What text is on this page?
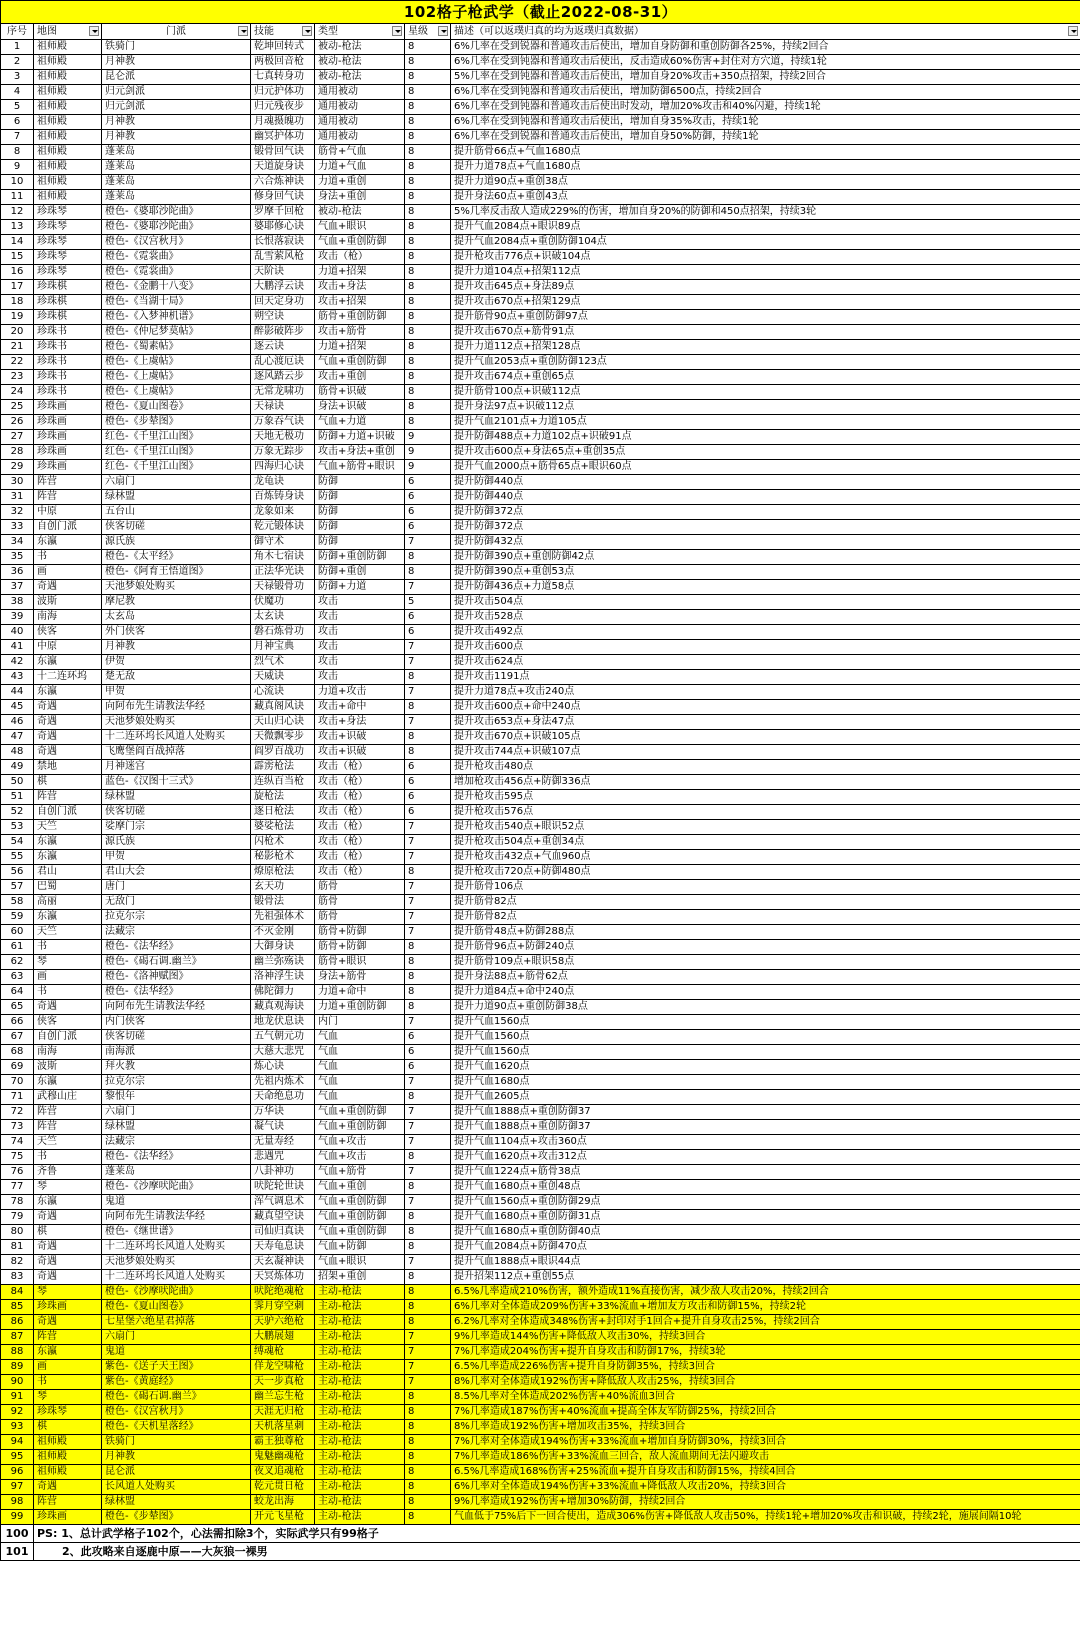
102格子枪武学（截止2022-08-31）						
序号	地图	门派	技能	类型	星级	描述（可以返璞归真的均为返璞归真数据）

1	祖师殿	铁骑门	乾坤回转式	被动-枪法	8	6%几率在受到锐器和普通攻击后使出，增加自身防御和重创防御各25%，持续2回合
2	祖师殿	月神教	两极回音枪	被动-枪法	8	6%几率在受到钝器和普通攻击后使出，反击造成60%伤害+封住对方穴道，持续1轮
3	祖师殿	昆仑派	七真转身功	被动-枪法	8	5%几率在受到钝器和普通攻击后使出，增加自身20%攻击+350点招架，持续2回合
4	祖师殿	归元剑派	归元护体功	通用被动	8	6%几率在受到钝器和普通攻击后使出，增加防御6500点，持续2回合
5	祖师殿	归元剑派	归元残夜步	通用被动	8	6%几率在受到钝器和普通攻击后使出时发动，增加20%攻击和40%闪避，持续1轮
6	祖师殿	月神教	月魂摄魄功	通用被动	8	6%几率在受到钝器和普通攻击后使出，增加自身35%攻击，持续1轮
7	祖师殿	月神教	幽冥护体功	通用被动	8	6%几率在受到锐器和普通攻击后使出，增加自身50%防御，持续1轮
8	祖师殿	蓬莱岛	锻骨回气诀	筋骨+气血	8	提升筋骨66点+气血1680点
9	祖师殿	蓬莱岛	天道旋身诀	力道+气血	8	提升力道78点+气血1680点
10	祖师殿	蓬莱岛	六合炼神诀	力道+重创	8	提升力道90点+重创38点
11	祖师殿	蓬莱岛	修身回气诀	身法+重创	8	提升身法60点+重创43点
12	珍珠琴	橙色-《婆耶沙陀曲》	罗摩千回枪	被动-枪法	8	5%几率反击敌人造成229%的伤害，增加自身20%的防御和450点招架，持续3轮
13	珍珠琴	橙色-《婆耶沙陀曲》	婆耶修心诀	气血+眼识	8	提升气血2084点+眼识89点
14	珍珠琴	橙色-《汉宫秋月》	长恨落寂诀	气血+重创防御	8	提升气血2084点+重创防御104点
15	珍珠琴	橙色-《霓裳曲》	乱雪萦风枪	攻击（枪）	8	提升枪攻击776点+识破104点
16	珍珠琴	橙色-《霓裳曲》	天阶诀	力道+招架	8	提升力道104点+招架112点
17	珍珠棋	橙色-《金鹏十八变》	大鹏浮云诀	攻击+身法	8	提升攻击645点+身法89点
18	珍珠棋	橙色-《当湖十局》	回天定身功	攻击+招架	8	提升攻击670点+招架129点
19	珍珠棋	橙色-《入梦神机谱》	朔空诀	筋骨+重创防御	8	提升筋骨90点+重创防御97点
20	珍珠书	橙色-《仲尼梦莫帖》	醉影破阵步	攻击+筋骨	8	提升攻击670点+筋骨91点
21	珍珠书	橙色-《蜀素帖》	逐云诀	力道+招架	8	提升力道112点+招架128点
22	珍珠书	橙色-《上虞帖》	乱心渡厄诀	气血+重创防御	8	提升气血2053点+重创防御123点
23	珍珠书	橙色-《上虞帖》	逐风踏云步	攻击+重创	8	提升攻击674点+重创65点
24	珍珠书	橙色-《上虞帖》	无常龙啸功	筋骨+识破	8	提升筋骨100点+识破112点
25	珍珠画	橙色-《夏山图卷》	天禄诀	身法+识破	8	提升身法97点+识破112点
26	珍珠画	橙色-《步辇图》	万象吞气诀	气血+力道	8	提升气血2101点+力道105点
27	珍珠画	红色-《千里江山图》	天地无极功	防御+力道+识破	9	提升防御488点+力道102点+识破91点
28	珍珠画	红色-《千里江山图》	万象无踪步	攻击+身法+重创	9	提升攻击600点+身法65点+重创35点
29	珍珠画	红色-《千里江山图》	四海归心诀	气血+筋骨+眼识	9	提升气血2000点+筋骨65点+眼识60点
30	阵营	六扇门	龙龟诀	防御	6	提升防御440点
31	阵营	绿林盟	百炼铸身诀	防御	6	提升防御440点
32	中原	五台山	龙象如来	防御	6	提升防御372点
33	自创门派	侠客切磋	乾元锻体诀	防御	6	提升防御372点
34	东瀛	源氏族	御守术	防御	7	提升防御432点
35	书	橙色-《太平经》	角木七宿诀	防御+重创防御	8	提升防御390点+重创防御42点
36	画	橙色-《阿育王悟道图》	正法华光诀	防御+重创	8	提升防御390点+重创53点
37	奇遇	天池梦娘处购买	天禄锻骨功	防御+力道	7	提升防御436点+力道58点
38	波斯	摩尼教	伏魔功	攻击	5	提升攻击504点
39	南海	太玄岛	太玄诀	攻击	6	提升攻击528点
40	侠客	外门侠客	磐石炼骨功	攻击	6	提升攻击492点
41	中原	月神教	月神宝典	攻击	7	提升攻击600点
42	东瀛	伊贺	烈气术	攻击	7	提升攻击624点
43	十二连环坞	楚无敌	天威诀	攻击	8	提升攻击1191点
44	东瀛	甲贺	心流诀	力道+攻击	7	提升力道78点+攻击240点
45	奇遇	向阿布先生请教法华经	藏真阁风诀	攻击+命中	8	提升攻击600点+命中240点
46	奇遇	天池梦娘处购买	天山归心诀	攻击+身法	7	提升攻击653点+身法47点
47	奇遇	十二连环坞长风道人处购买	天微飘零步	攻击+识破	8	提升攻击670点+识破105点
48	奇遇	飞鹰堡阎百战掉落	阎罗百战功	攻击+识破	8	提升攻击744点+识破107点
49	禁地	月神迷宫	霹雳枪法	攻击（枪）	6	提升枪攻击480点
50	棋	蓝色-《汉图十三式》	连纵百当枪	攻击（枪）	6	增加枪攻击456点+防御336点
51	阵营	绿林盟	旋枪法	攻击（枪）	6	提升枪攻击595点
52	自创门派	侠客切磋	逐日枪法	攻击（枪）	6	提升枪攻击576点
53	天竺	娑摩门宗	婆娑枪法	攻击（枪）	7	提升枪攻击540点+眼识52点
54	东瀛	源氏族	闪枪术	攻击（枪）	7	提升枪攻击504点+重创34点
55	东瀛	甲贺	秘影枪术	攻击（枪）	7	提升枪攻击432点+气血960点
56	君山	君山大会	燎原枪法	攻击（枪）	8	提升枪攻击720点+防御480点
57	巴蜀	唐门	玄天功	筋骨	7	提升筋骨106点
58	高丽	无敌门	锻骨法	筋骨	7	提升筋骨82点
59	东瀛	拉克尔宗	先祖强体术	筋骨	7	提升筋骨82点
60	天竺	法藏宗	不灭金刚	筋骨+防御	7	提升筋骨48点+防御288点
61	书	橙色-《法华经》	大御身诀	筋骨+防御	8	提升筋骨96点+防御240点
62	琴	橙色-《碣石调.幽兰》	幽兰弥殇诀	筋骨+眼识	8	提升筋骨109点+眼识58点
63	画	橙色-《洛神赋图》	洛神浮生诀	身法+筋骨	8	提升身法88点+筋骨62点
64	书	橙色-《法华经》	佛陀御力	力道+命中	8	提升力道84点+命中240点
65	奇遇	向阿布先生请教法华经	藏真观海诀	力道+重创防御	8	提升力道90点+重创防御38点
66	侠客	内门侠客	地龙伏息诀	内门	7	提升气血1560点
67	自创门派	侠客切磋	五气朝元功	气血	6	提升气血1560点
68	南海	南海派	大慈大悲咒	气血	6	提升气血1560点
69	波斯	拜火教	炼心诀	气血	6	提升气血1620点
70	东瀛	拉克尔宗	先祖内炼术	气血	7	提升气血1680点
71	武穆山庄	黎恨年	天命绝息功	气血	8	提升气血2605点
72	阵营	六扇门	万华诀	气血+重创防御	7	提升气血1888点+重创防御37
73	阵营	绿林盟	凝气诀	气血+重创防御	7	提升气血1888点+重创防御37
74	天竺	法藏宗	无量寿经	气血+攻击	7	提升气血1104点+攻击360点
75	书	橙色-《法华经》	悲遇咒	气血+攻击	8	提升气血1620点+攻击312点
76	齐鲁	蓬莱岛	八卦神功	气血+筋骨	7	提升气血1224点+筋骨38点
77	琴	橙色-《沙摩吠陀曲》	吠陀轮世诀	气血+重创	8	提升气血1680点+重创48点
78	东瀛	鬼道	浑气调息术	气血+重创防御	7	提升气血1560点+重创防御29点
79	奇遇	向阿布先生请教法华经	藏真望空诀	气血+重创防御	8	提升气血1680点+重创防御31点
80	棋	橙色-《继世谱》	司仙归真诀	气血+重创防御	8	提升气血1680点+重创防御40点
81	奇遇	十二连环坞长风道人处购买	天寿龟息诀	气血+防御	8	提升气血2084点+防御470点
82	奇遇	天池梦娘处购买	天玄凝神诀	气血+眼识	7	提升气血1888点+眼识44点
83	奇遇	十二连环坞长风道人处购买	天冥炼体功	招架+重创	8	提升招架112点+重创55点
84	琴	橙色-《沙摩吠陀曲》	吠陀绝魂枪	主动-枪法	8	6.5%几率造成210%伤害，额外造成11%直接伤害，减少敌人攻击20%，持续2回合
85	珍珠画	橙色-《夏山图卷》	霁月穿空刺	主动-枪法	8	6%几率对全体造成209%伤害+33%流血+增加友方攻击和防御15%，持续2轮
86	奇遇	七星堡六绝星君掉落	天驴六绝枪	主动-枪法	8	6.2%几率对全体造成348%伤害+封印对手1回合+提升自身攻击25%，持续2回合
87	阵营	六扇门	大鹏展翅	主动-枪法	7	9%几率造成144%伤害+降低敌人攻击30%，持续3回合
88	东瀛	鬼道	缚魂枪	主动-枪法	7	7%几率造成204%伤害+提升自身攻击和防御17%，持续3轮
89	画	紫色-《送子天王图》	佯龙空啸枪	主动-枪法	7	6.5%几率造成226%伤害+提升自身防御35%，持续3回合
90	书	紫色-《黄庭经》	天一步真枪	主动-枪法	7	8%几率对全体造成192%伤害+降低敌人攻击25%，持续3回合
91	琴	橙色-《碣石调.幽兰》	幽兰忘生枪	主动-枪法	8	8.5%几率对全体造成202%伤害+40%流血3回合
92	珍珠琴	橙色-《汉宫秋月》	天涯无归枪	主动-枪法	8	7%几率造成187%伤害+40%流血+提高全体友军防御25%，持续2回合
93	棋	橙色-《天机星落经》	天机落星刺	主动-枪法	8	8%几率造成192%伤害+增加攻击35%，持续3回合
94	祖师殿	铁骑门	霸王独尊枪	主动-枪法	8	7%几率对全体造成194%伤害+33%流血+增加自身防御30%，持续3回合
95	祖师殿	月神教	鬼魅幽魂枪	主动-枪法	8	7%几率造成186%伤害+33%流血三回合，敌人流血期间无法闪避攻击
96	祖师殿	昆仑派	夜叉追魂枪	主动-枪法	8	6.5%几率造成168%伤害+25%流血+提升自身攻击和防御15%，持续4回合
97	奇遇	长风道人处购买	乾元贯日枪	主动-枪法	8	6%几率对全体造成194%伤害+33%流血+降低敌人攻击20%，持续3回合
98	阵营	绿林盟	蛟龙出海	主动-枪法	8	9%几率造成192%伤害+增加30%防御，持续2回合
99	珍珠画	橙色-《步辇图》	开元飞星枪	主动-枪法	8	气血低于75%后下一回合使出，造成306%伤害+降低敌人攻击50%，持续1轮+增加20%攻击和识破，持续2轮，施展间隔10轮
100	PS: 1、总计武学格子102个，心法需扣除3个，实际武学只有99格子					
101	2、此攻略来自逐鹿中原——大灰狼一裸男					
